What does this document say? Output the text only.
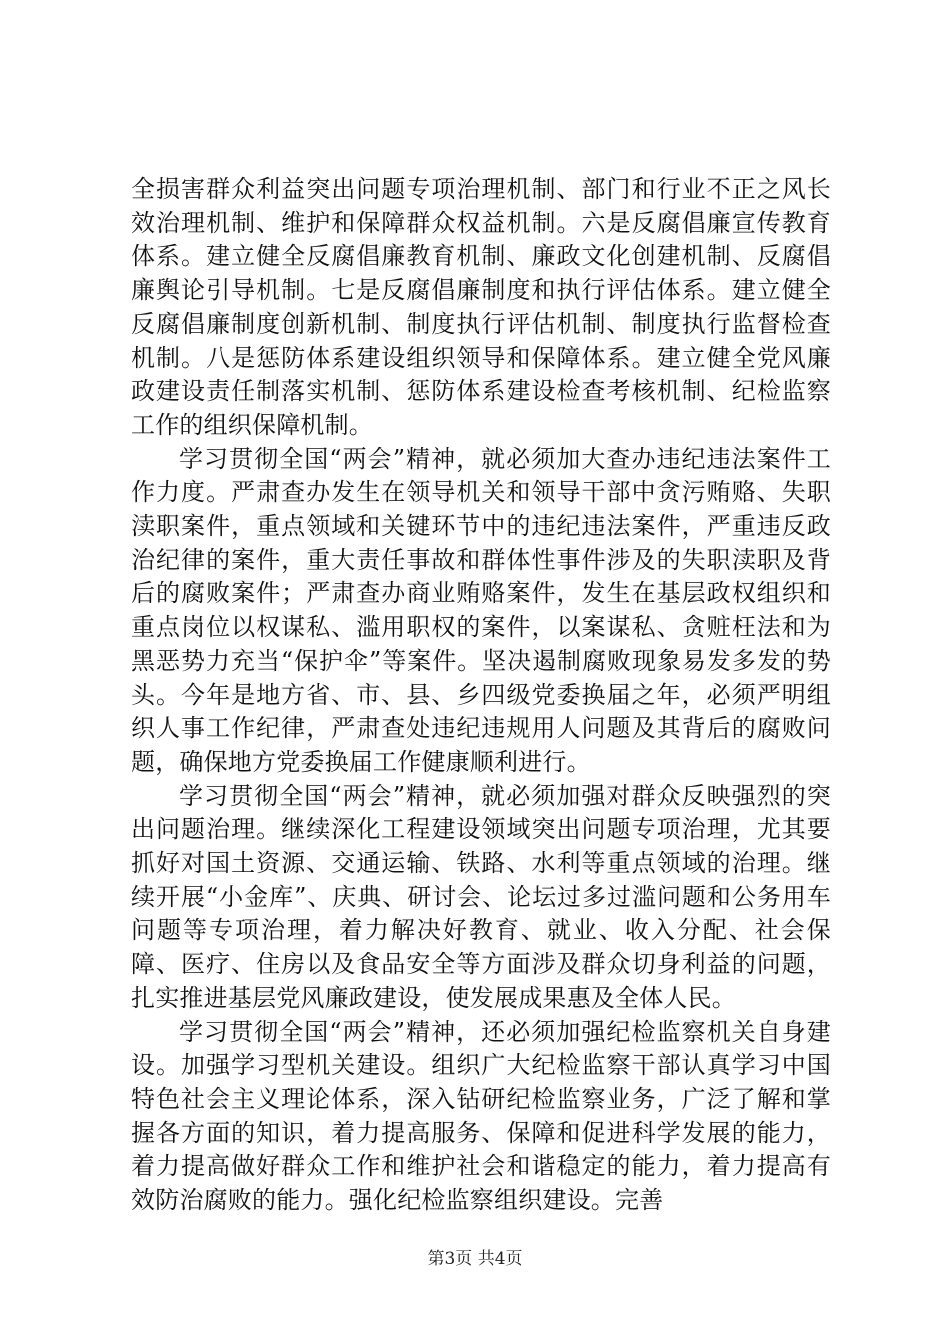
全损害群众利益突出问题专项治理机制、部门和行业不正之风长效治理机制、维护和保障群众权益机制。六是反腐倡廉宣传教育体系。建立健全反腐倡廉教育机制、廉政文化创建机制、反腐倡廉舆论引导机制。七是反腐倡廉制度和执行评估体系。建立健全反腐倡廉制度创新机制、制度执行评估机制、制度执行监督检查机制。八是惩防体系建设组织领导和保障体系。建立健全党风廉政建设责任制落实机制、惩防体系建设检查考核机制、纪检监察工作的组织保障机制。

学习贯彻全国“两会”精神，就必须加大查办违纪违法案件工作力度。严肃查办发生在领导机关和领导干部中贪污贿赂、失职渎职案件，重点领域和关键环节中的违纪违法案件，严重违反政治纪律的案件，重大责任事故和群体性事件涉及的失职渎职及背后的腐败案件；严肃查办商业贿赂案件，发生在基层政权组织和重点岗位以权谋私、滥用职权的案件，以案谋私、贪赃枉法和为黑恶势力充当“保护伞”等案件。坚决遏制腐败现象易发多发的势头。今年是地方省、市、县、乡四级党委换届之年，必须严明组织人事工作纪律，严肃查处违纪违规用人问题及其背后的腐败问题，确保地方党委换届工作健康顺利进行。

学习贯彻全国“两会”精神，就必须加强对群众反映强烈的突出问题治理。继续深化工程建设领域突出问题专项治理，尤其要抓好对国土资源、交通运输、铁路、水利等重点领域的治理。继续开展“小金库”、庆典、研讨会、论坛过多过滥问题和公务用车问题等专项治理，着力解决好教育、就业、收入分配、社会保障、医疗、住房以及食品安全等方面涉及群众切身利益的问题，扎实推进基层党风廉政建设，使发展成果惠及全体人民。

学习贯彻全国“两会”精神，还必须加强纪检监察机关自身建设。加强学习型机关建设。组织广大纪检监察干部认真学习中国特色社会主义理论体系，深入钻研纪检监察业务，广泛了解和掌握各方面的知识，着力提高服务、保障和促进科学发展的能力，着力提高做好群众工作和维护社会和谐稳定的能力，着力提高有效防治腐败的能力。强化纪检监察组织建设。完善

第3页 共4页
